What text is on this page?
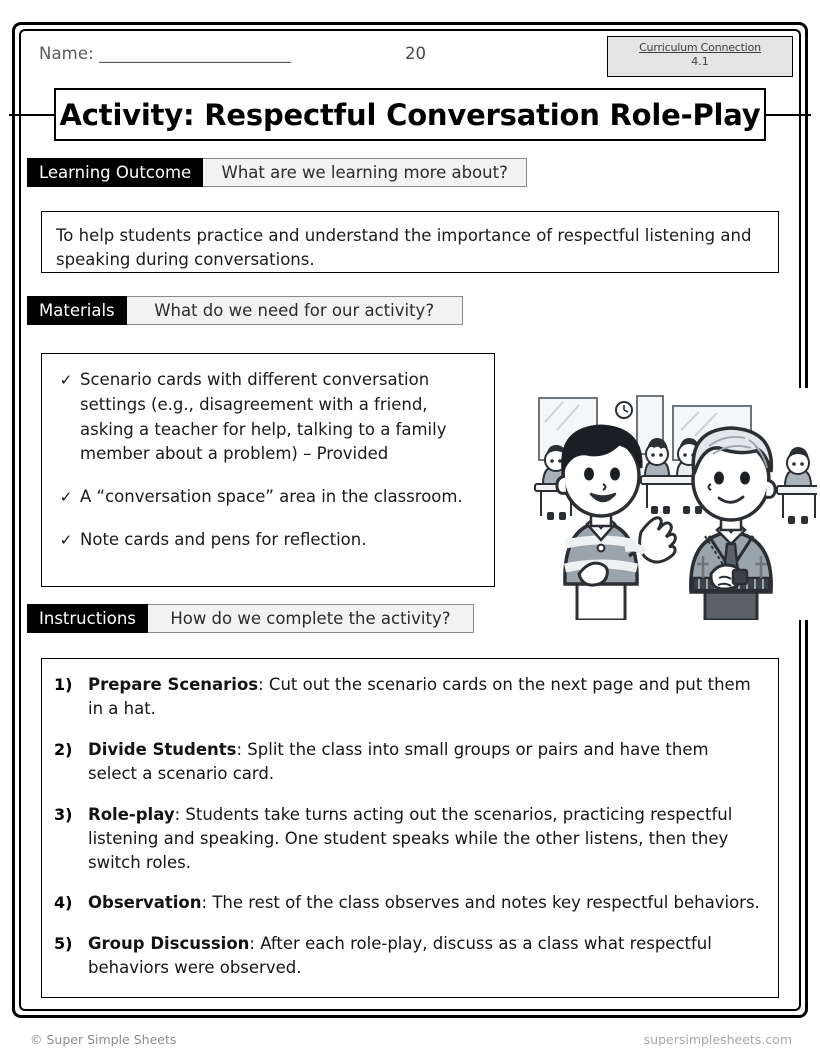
Name: _______________________	20	Curriculum Connection
4.1
Activity: Respectful Conversation Role-Play
Learning Outcome	What are we learning more about?
To help students practice and understand the importance of respectful listening and speaking during conversations.
Materials	What do we need for our activity?
✓ Scenario cards with different conversation settings (e.g., disagreement with a friend, asking a teacher for help, talking to a family member about a problem) – Provided
✓ A “conversation space” area in the classroom.
✓ Note cards and pens for reflection.
Instructions	How do we complete the activity?
1) Prepare Scenarios: Cut out the scenario cards on the next page and put them in a hat.
2) Divide Students: Split the class into small groups or pairs and have them select a scenario card.
3) Role-play: Students take turns acting out the scenarios, practicing respectful listening and speaking. One student speaks while the other listens, then they switch roles.
4) Observation: The rest of the class observes and notes key respectful behaviors.
5) Group Discussion: After each role-play, discuss as a class what respectful behaviors were observed.
© Super Simple Sheets	supersimplesheets.com
